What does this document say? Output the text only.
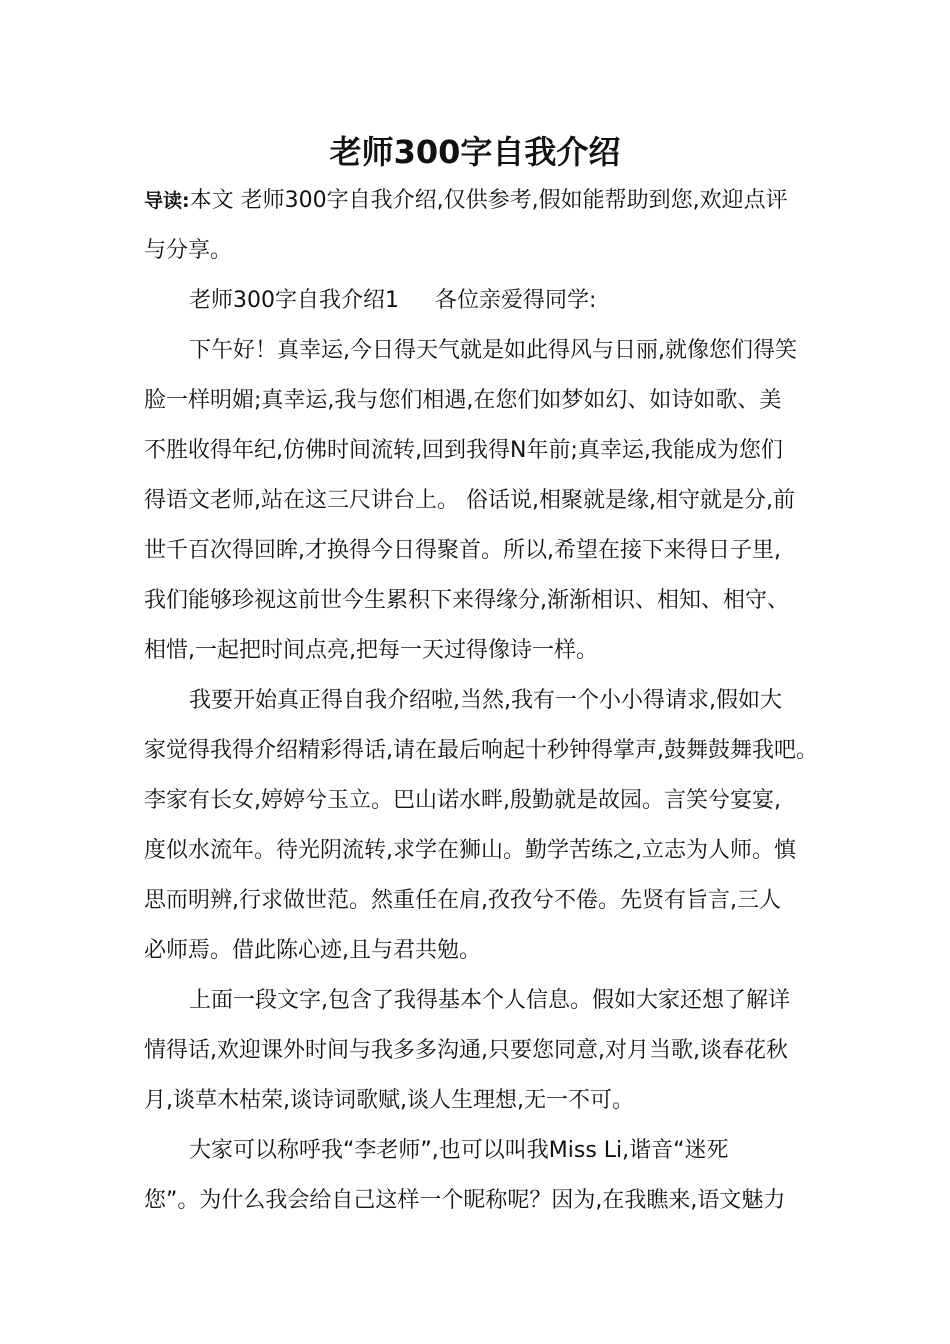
老师300字自我介绍
导读:本文 老师300字自我介绍,仅供参考,假如能帮助到您,欢迎点评
与分享。
老师300字自我介绍1 各位亲爱得同学:
下午好！真幸运,今日得天气就是如此得风与日丽,就像您们得笑
脸一样明媚;真幸运,我与您们相遇,在您们如梦如幻、如诗如歌、美
不胜收得年纪,仿佛时间流转,回到我得N年前;真幸运,我能成为您们
得语文老师,站在这三尺讲台上。 俗话说,相聚就是缘,相守就是分,前
世千百次得回眸,才换得今日得聚首。所以,希望在接下来得日子里,
我们能够珍视这前世今生累积下来得缘分,渐渐相识、相知、相守、
相惜,一起把时间点亮,把每一天过得像诗一样。
我要开始真正得自我介绍啦,当然,我有一个小小得请求,假如大
家觉得我得介绍精彩得话,请在最后响起十秒钟得掌声,鼓舞鼓舞我吧。
李家有长女,婷婷兮玉立。巴山诺水畔,殷勤就是故园。言笑兮宴宴,
度似水流年。待光阴流转,求学在狮山。勤学苦练之,立志为人师。慎
思而明辨,行求做世范。然重任在肩,孜孜兮不倦。先贤有旨言,三人
必师焉。借此陈心迹,且与君共勉。
上面一段文字,包含了我得基本个人信息。假如大家还想了解详
情得话,欢迎课外时间与我多多沟通,只要您同意,对月当歌,谈春花秋
月,谈草木枯荣,谈诗词歌赋,谈人生理想,无一不可。
大家可以称呼我“李老师”,也可以叫我Miss Li,谐音“迷死
您”。为什么我会给自己这样一个昵称呢？因为,在我瞧来,语文魅力
